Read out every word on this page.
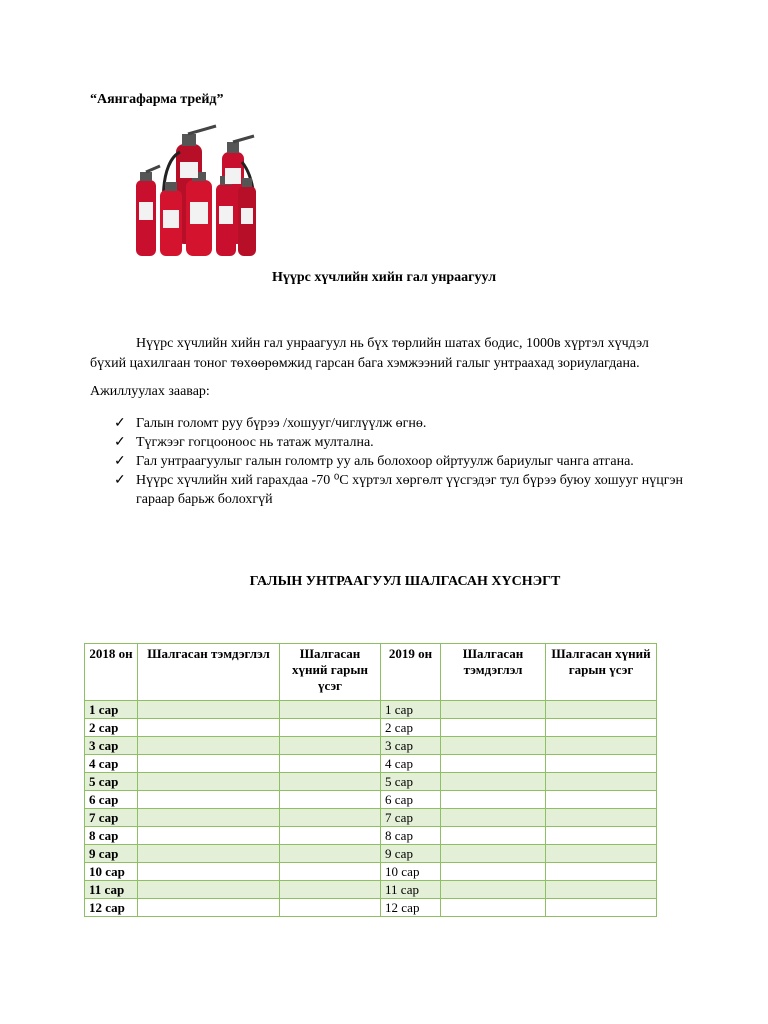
“Аянгафарма трейд”
Нүүрс хүчлийн хийн гал унраагуул
Нүүрс хүчлийн хийн гал унраагуул нь бүх төрлийн шатах бодис, 1000в хүртэл хүчдэл бүхий цахилгаан тоног төхөөрөмжид гарсан бага хэмжээний галыг унтраахад зориулагдана.
Ажиллуулах заавар:
✓ Галын голомт руу бүрээ /хошууг/чиглүүлж өгнө.
✓ Түгжээг гогцооноос нь татаж мултална.
✓ Гал унтраагуулыг галын голомтр уу аль болохоор ойртуулж бариулыг чанга атгана.
✓ Нүүрс хүчлийн хий гарахдаа -70 ⁰С хүртэл хөргөлт үүсгэдэг тул бүрээ буюу хошууг нүцгэн гараар барьж болохгүй
ГАЛЫН УНТРААГУУЛ ШАЛГАСАН ХҮСНЭГТ
2018 он	Шалгасан тэмдэглэл	Шалгасан хүний гарын үсэг	2019 он	Шалгасан тэмдэглэл	Шалгасан хүний гарын үсэг
1 сар			1 сар		
2 сар			2 сар		
3 сар			3 сар		
4 сар			4 сар		
5 сар			5 сар		
6 сар			6 сар		
7 сар			7 сар		
8 сар			8 сар		
9 сар			9 сар		
10 сар			10 сар		
11 сар			11 сар		
12 сар			12 сар		
